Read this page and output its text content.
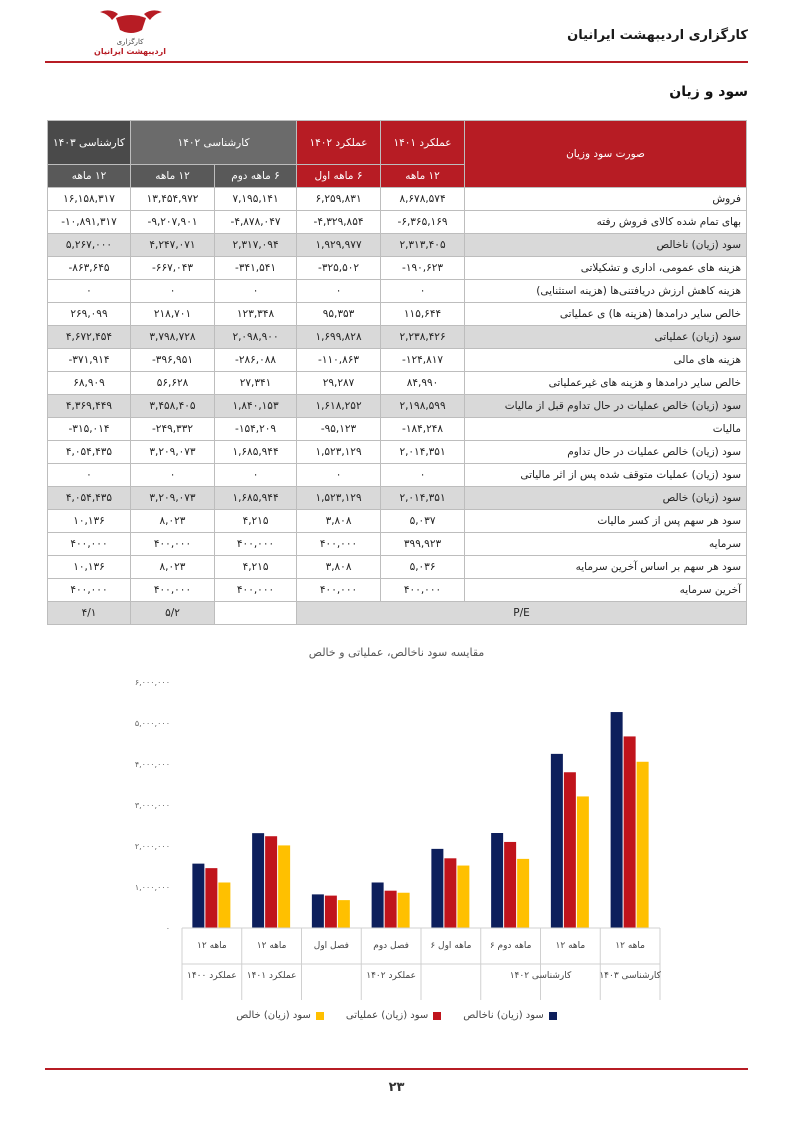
کارگزاری
اردیبهشت ایرانیان
کارگزاری اردیبهشت ایرانیان
سود و زیان
صورت سود وزیان	عملکرد ۱۴۰۱	عملکرد ۱۴۰۲	کارشناسی ۱۴۰۲		کارشناسی ۱۴۰۳
	۱۲ ماهه	۶ ماهه اول	۶ ماهه دوم	۱۲ ماهه	۱۲ ماهه
فروش	۸,۶۷۸,۵۷۴	۶,۲۵۹,۸۳۱	۷,۱۹۵,۱۴۱	۱۳,۴۵۴,۹۷۲	۱۶,۱۵۸,۳۱۷
بهای تمام شده کالای فروش رفته	-۶,۳۶۵,۱۶۹	-۴,۳۲۹,۸۵۴	-۴,۸۷۸,۰۴۷	-۹,۲۰۷,۹۰۱	-۱۰,۸۹۱,۳۱۷
سود (زیان) ناخالص	۲,۳۱۳,۴۰۵	۱,۹۲۹,۹۷۷	۲,۳۱۷,۰۹۴	۴,۲۴۷,۰۷۱	۵,۲۶۷,۰۰۰
هزینه های عمومی، اداری و تشکیلاتی	-۱۹۰,۶۲۳	-۳۲۵,۵۰۲	-۳۴۱,۵۴۱	-۶۶۷,۰۴۳	-۸۶۳,۶۴۵
هزینه کاهش ارزش دریافتنی‌ها (هزینه استثنایی)	۰	۰	۰	۰	۰
خالص سایر درامدها (هزینه ها) ی عملیاتی	۱۱۵,۶۴۴	۹۵,۳۵۳	۱۲۳,۳۴۸	۲۱۸,۷۰۱	۲۶۹,۰۹۹
سود (زیان) عملیاتی	۲,۲۳۸,۴۲۶	۱,۶۹۹,۸۲۸	۲,۰۹۸,۹۰۰	۳,۷۹۸,۷۲۸	۴,۶۷۲,۴۵۴
هزینه های مالی	-۱۲۴,۸۱۷	-۱۱۰,۸۶۳	-۲۸۶,۰۸۸	-۳۹۶,۹۵۱	-۳۷۱,۹۱۴
خالص سایر درامدها و هزینه های غیرعملیاتی	۸۴,۹۹۰	۲۹,۲۸۷	۲۷,۳۴۱	۵۶,۶۲۸	۶۸,۹۰۹
سود (زیان) خالص عملیات در حال تداوم قبل از مالیات	۲,۱۹۸,۵۹۹	۱,۶۱۸,۲۵۲	۱,۸۴۰,۱۵۳	۳,۴۵۸,۴۰۵	۴,۳۶۹,۴۴۹
مالیات	-۱۸۴,۲۴۸	-۹۵,۱۲۳	-۱۵۴,۲۰۹	-۲۴۹,۳۳۲	-۳۱۵,۰۱۴
سود (زیان) خالص عملیات در حال تداوم	۲,۰۱۴,۳۵۱	۱,۵۲۳,۱۲۹	۱,۶۸۵,۹۴۴	۳,۲۰۹,۰۷۳	۴,۰۵۴,۴۳۵
سود (زیان) عملیات متوقف شده پس از اثر مالیاتی	۰	۰	۰	۰	۰
سود (زیان) خالص	۲,۰۱۴,۳۵۱	۱,۵۲۳,۱۲۹	۱,۶۸۵,۹۴۴	۳,۲۰۹,۰۷۳	۴,۰۵۴,۴۳۵
سود هر سهم پس از کسر مالیات	۵,۰۳۷	۳,۸۰۸	۴,۲۱۵	۸,۰۲۳	۱۰,۱۳۶
سرمایه	۳۹۹,۹۲۳	۴۰۰,۰۰۰	۴۰۰,۰۰۰	۴۰۰,۰۰۰	۴۰۰,۰۰۰
سود هر سهم بر اساس آخرین سرمایه	۵,۰۳۶	۳,۸۰۸	۴,۲۱۵	۸,۰۲۳	۱۰,۱۳۶
آخرین سرمایه	۴۰۰,۰۰۰	۴۰۰,۰۰۰	۴۰۰,۰۰۰	۴۰۰,۰۰۰	۴۰۰,۰۰۰
P/E				۵/۲	۴/۱
مقایسه سود ناخالص، عملیاتی و خالص
۰
۱,۰۰۰,۰۰۰
۲,۰۰۰,۰۰۰
۳,۰۰۰,۰۰۰
۴,۰۰۰,۰۰۰
۵,۰۰۰,۰۰۰
۶,۰۰۰,۰۰۰
۱۲ ماهه	۱۲ ماهه	فصل اول	فصل دوم ۶ ماهه اول ۶ ماهه دوم	۱۲ ماهه	۱۲ ماهه
عملکرد ۱۴۰۰ عملکرد ۱۴۰۱	عملکرد ۱۴۰۲	کارشناسی ۱۴۰۲	کارشناسی ۱۴۰۳
سود (زیان) ناخالص
سود (زیان) عملیاتی
سود (زیان) خالص
۲۳
